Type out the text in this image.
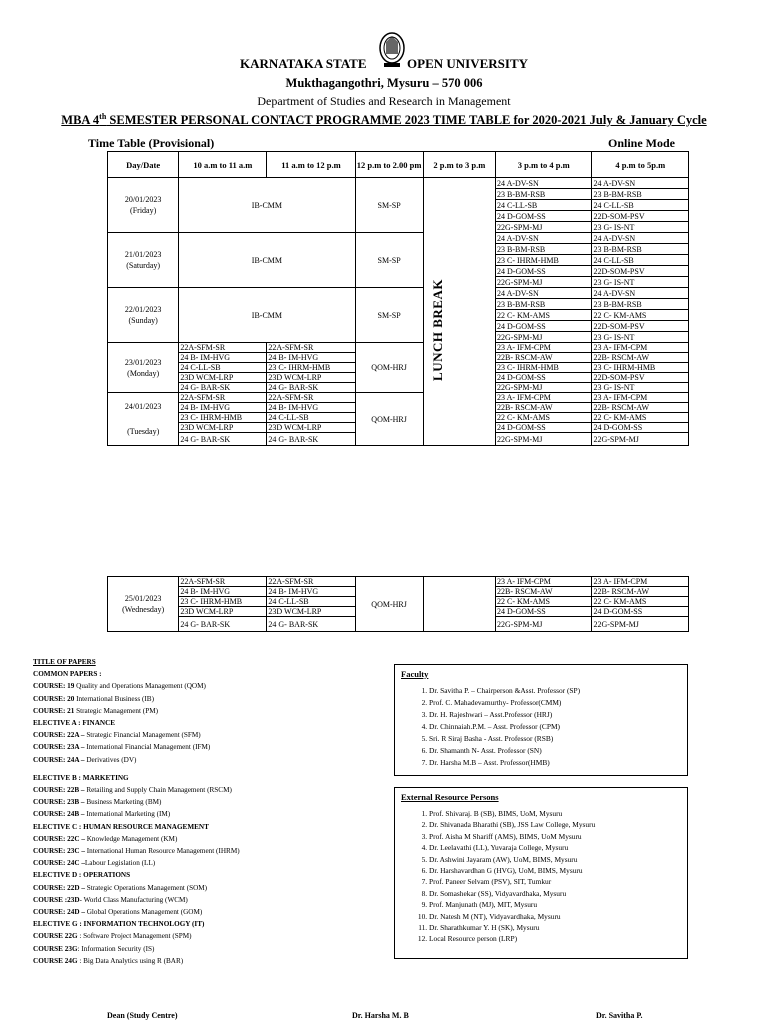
KARNATAKA STATE	OPEN UNIVERSITY
Mukthagangothri, Mysuru – 570 006
Department of Studies and Research in Management
MBA 4th SEMESTER PERSONAL CONTACT PROGRAMME 2023 TIME TABLE for 2020-2021 July & January Cycle
Time Table (Provisional)	Online Mode
Day/Date	10 a.m to 11 a.m	11 a.m to 12 p.m	12 p.m to 2.00 pm	2 p.m to 3 p.m	3 p.m to 4 p.m	4 p.m to 5p.m

20/01/2023
(Friday)	IB-CMM		SM-SP		24 A-DV-SN	24 A-DV-SN
					23 B-BM-RSB	23 B-BM-RSB
					24 C-LL-SB	24 C-LL-SB
					24 D-GOM-SS	22D-SOM-PSV
					22G-SPM-MJ	23 G- IS-NT

21/01/2023
(Saturday)	IB-CMM		SM-SP		24 A-DV-SN	24 A-DV-SN
					23 B-BM-RSB	23 B-BM-RSB
					23 C- IHRM-HMB	24 C-LL-SB
					24 D-GOM-SS	22D-SOM-PSV
					22G-SPM-MJ	23 G- IS-NT

22/01/2023
(Sunday)	IB-CMM		SM-SP		24 A-DV-SN	24 A-DV-SN
					23 B-BM-RSB	23 B-BM-RSB
					22 C- KM-AMS	22 C- KM-AMS
					24 D-GOM-SS	22D-SOM-PSV
					22G-SPM-MJ	23 G- IS-NT

23/01/2023
(Monday)	22A-SFM-SR	22A-SFM-SR	QOM-HRJ		23 A- IFM-CPM	23 A- IFM-CPM
	24 B- IM-HVG	24 B- IM-HVG			22B- RSCM-AW	22B- RSCM-AW
	24 C-LL-SB	23 C- IHRM-HMB			23 C- IHRM-HMB	23 C- IHRM-HMB
	23D WCM-LRP	23D WCM-LRP			24 D-GOM-SS	22D-SOM-PSV
	24 G- BAR-SK	24 G- BAR-SK			22G-SPM-MJ	23 G- IS-NT

24/01/2023
(Tuesday)	22A-SFM-SR	22A-SFM-SR	QOM-HRJ		23 A- IFM-CPM	23 A- IFM-CPM
	24 B- IM-HVG	24 B- IM-HVG			22B- RSCM-AW	22B- RSCM-AW
	23 C- IHRM-HMB	24 C-LL-SB			22 C- KM-AMS	22 C- KM-AMS
	23D WCM-LRP	23D WCM-LRP			24 D-GOM-SS	24 D-GOM-SS
	24 G- BAR-SK	24 G- BAR-SK			22G-SPM-MJ	22G-SPM-MJ
LUNCH BREAK
25/01/2023
(Wednesday)	22A-SFM-SR	22A-SFM-SR	QOM-HRJ		23 A- IFM-CPM	23 A- IFM-CPM
	24 B- IM-HVG	24 B- IM-HVG			22B- RSCM-AW	22B- RSCM-AW
	23 C- IHRM-HMB	24 C-LL-SB			22 C- KM-AMS	22 C- KM-AMS
	23D WCM-LRP	23D WCM-LRP			24 D-GOM-SS	24 D-GOM-SS
	24 G- BAR-SK	24 G- BAR-SK			22G-SPM-MJ	22G-SPM-MJ
TITLE OF PAPERS
COMMON PAPERS :
COURSE: 19 Quality and Operations Management (QOM)
COURSE: 20 International Business (IB)
COURSE: 21 Strategic Management (PM)
ELECTIVE A : FINANCE
COURSE: 22A – Strategic Financial Management (SFM)
COURSE: 23A – International Financial Management (IFM)
COURSE: 24A – Derivatives (DV)
ELECTIVE B : MARKETING
COURSE: 22B – Retailing and Supply Chain Management (RSCM)
COURSE: 23B – Business Marketing (BM)
COURSE: 24B – International Marketing (IM)
ELECTIVE C : HUMAN RESOURCE MANAGEMENT
COURSE: 22C – Knowledge Management (KM)
COURSE: 23C – International Human Resource Management (IHRM)
COURSE: 24C –Labour Legislation (LL)
ELECTIVE D : OPERATIONS
COURSE: 22D – Strategic Operations Management (SOM)
COURSE :23D- World Class Manufacturing (WCM)
COURSE: 24D – Global Operations Management (GOM)
ELECTIVE G : INFORMATION TECHNOLOGY (IT)
COURSE 22G : Software Project Management (SPM)
COURSE 23G: Information Security (IS)
COURSE 24G : Big Data Analytics using R (BAR)
Faculty
1. Dr. Savitha P. – Chairperson &Asst. Professor (SP)
2. Prof. C. Mahadevamurthy- Professor(CMM)
3. Dr. H. Rajeshwari – Asst.Professor (HRJ)
4. Dr. Chinnaiah.P.M. – Asst. Professor (CPM)
5. Sri. R Siraj Basha - Asst. Professor (RSB)
6. Dr. Shamanth N- Asst. Professor (SN)
7. Dr. Harsha M.B – Asst. Professor(HMB)
External Resource Persons
1. Prof. Shivaraj. B (SB), BIMS, UoM, Mysuru
2. Dr. Shivanada Bharathi (SB), JSS Law College, Mysuru
3. Prof. Aisha M Shariff (AMS), BIMS, UoM Mysuru
4. Dr. Leelavathi (LL), Yuvaraja College, Mysuru
5. Dr. Ashwini Jayaram (AW), UoM, BIMS, Mysuru
6. Dr. Harshavardhan G (HVG), UoM, BIMS, Mysuru
7. Prof. Paneer Selvam (PSV), SIT, Tumkur
8. Dr. Somashekar (SS), Vidyavardhaka, Mysuru
9. Prof. Manjunath (MJ), MIT, Mysuru
10. Dr. Natesh M (NT), Vidyavardhaka, Mysuru
11. Dr. Sharathkumar Y. H (SK), Mysuru
12. Local Resource person (LRP)
Dean (Study Centre)	Dr. Harsha M. B	Dr. Savitha P.
